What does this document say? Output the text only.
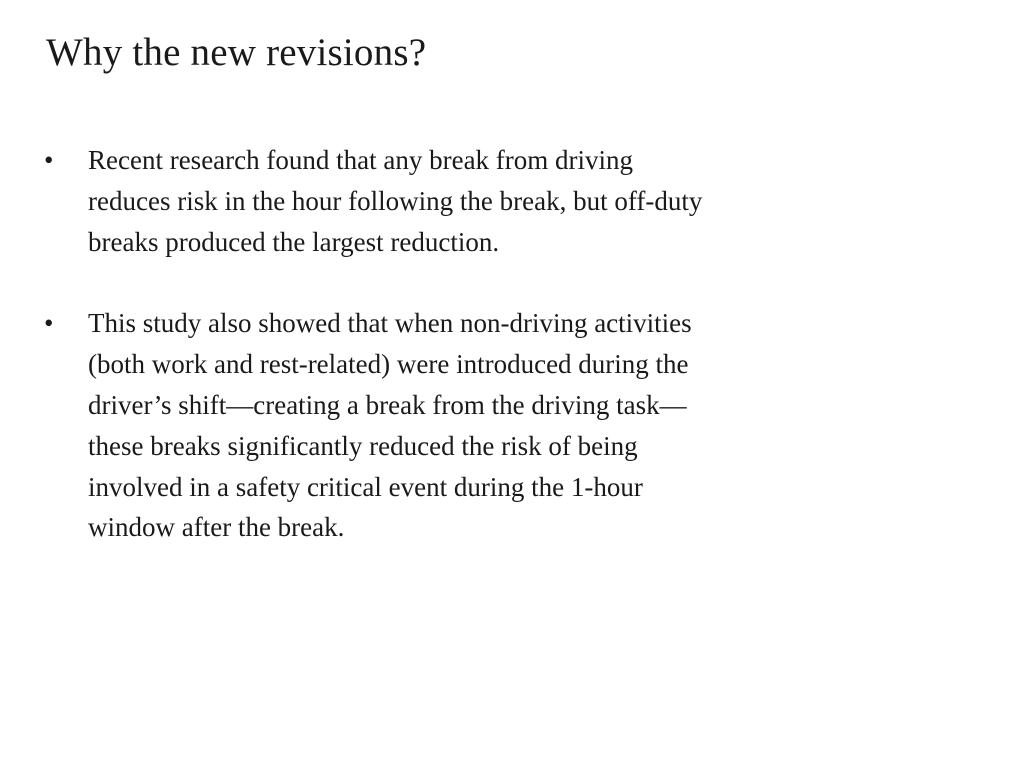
Why the new revisions?
•	Recent research found that any break from driving
reduces risk in the hour following the break, but off-duty
breaks produced the largest reduction.
•	This study also showed that when non-driving activities
(both work and rest-related) were introduced during the
driver’s shift—creating a break from the driving task—
these breaks significantly reduced the risk of being
involved in a safety critical event during the 1-hour
window after the break.
